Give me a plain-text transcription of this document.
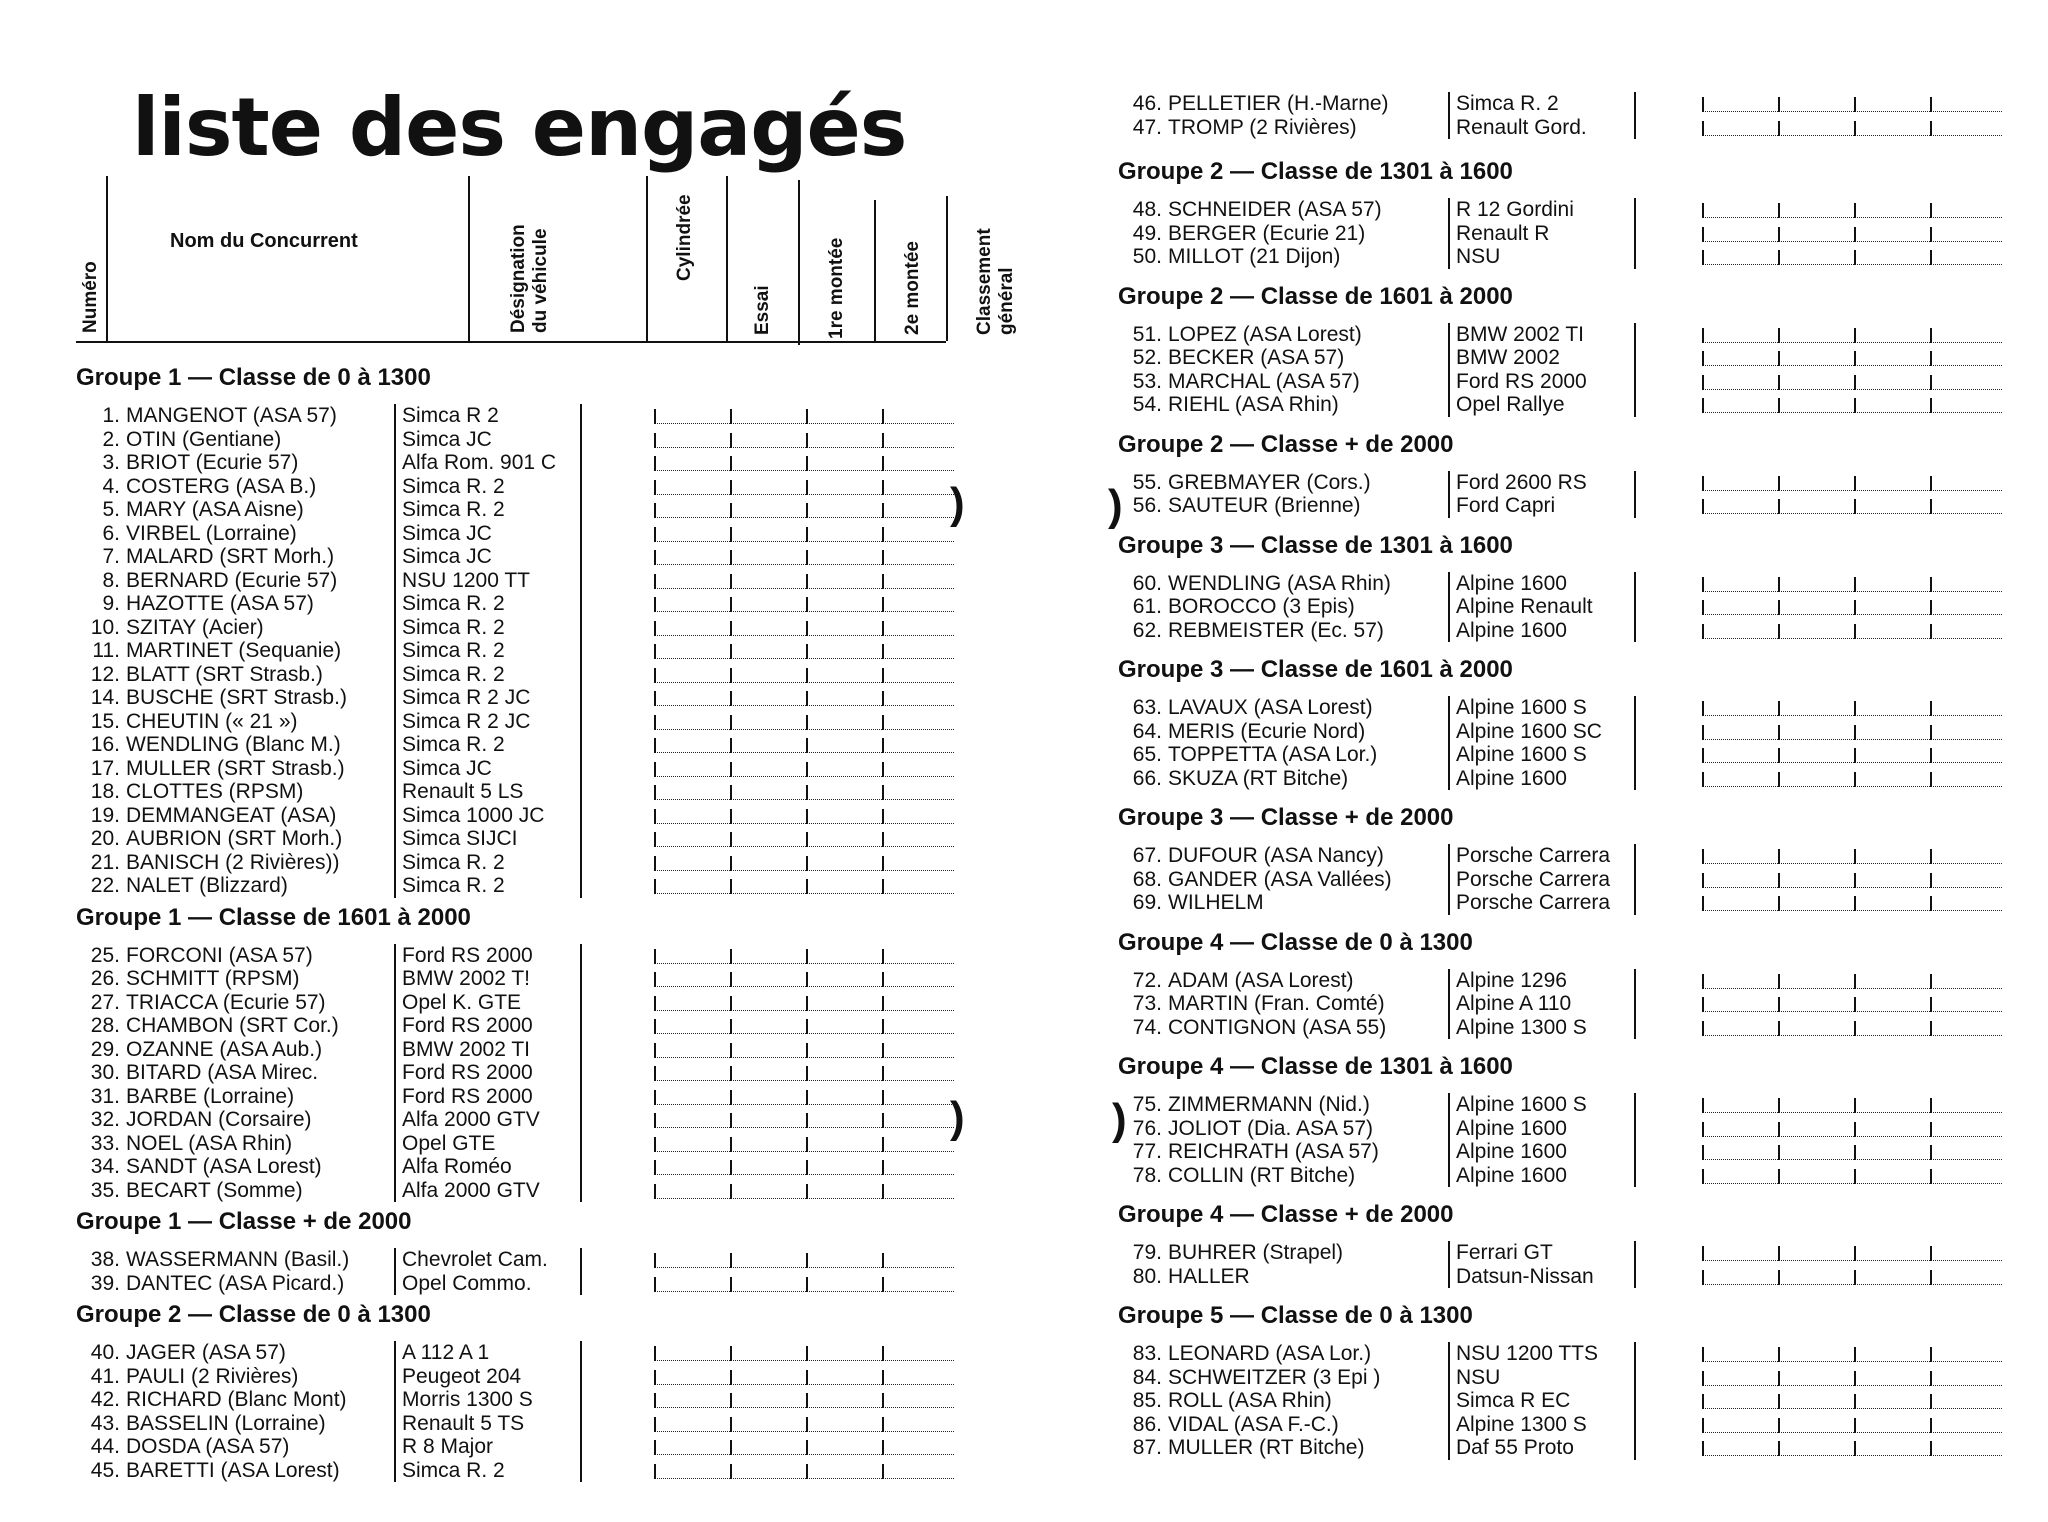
liste des engagés
Numéro
Nom du Concurrent	Désignation du véhicule	Cylindrée
Essai	1re montée	2e montée	Classement général
Groupe 1 — Classe de 0 à 1300
1. MANGENOT (ASA 57)	Simca R 2
2. OTIN (Gentiane)	Simca JC
3. BRIOT (Ecurie 57)	Alfa Rom. 901 C
4. COSTERG (ASA B.)	Simca R. 2
5. MARY (ASA Aisne)	Simca R. 2
6. VIRBEL (Lorraine)	Simca JC
7. MALARD (SRT Morh.)	Simca JC
8. BERNARD (Ecurie 57)	NSU 1200 TT
9. HAZOTTE (ASA 57)	Simca R. 2
10. SZITAY (Acier)	Simca R. 2
11. MARTINET (Sequanie)	Simca R. 2
12. BLATT (SRT Strasb.)	Simca R. 2
14. BUSCHE (SRT Strasb.)	Simca R 2 JC
15. CHEUTIN (« 21 »)	Simca R 2 JC
16. WENDLING (Blanc M.)	Simca R. 2
17. MULLER (SRT Strasb.)	Simca JC
18. CLOTTES (RPSM)	Renault 5 LS
19. DEMMANGEAT (ASA)	Simca 1000 JC
20. AUBRION (SRT Morh.)	Simca SIJCI
21. BANISCH (2 Rivières))	Simca R. 2
22. NALET (Blizzard)	Simca R. 2
Groupe 1 — Classe de 1601 à 2000
25. FORCONI (ASA 57)	Ford RS 2000
26. SCHMITT (RPSM)	BMW 2002 T!
27. TRIACCA (Ecurie 57)	Opel K. GTE
28. CHAMBON (SRT Cor.)	Ford RS 2000
29. OZANNE (ASA Aub.)	BMW 2002 TI
30. BITARD (ASA Mirec.	Ford RS 2000
31. BARBE (Lorraine)	Ford RS 2000
32. JORDAN (Corsaire)	Alfa 2000 GTV
33. NOEL (ASA Rhin)	Opel GTE
34. SANDT (ASA Lorest)	Alfa Roméo
35. BECART (Somme)	Alfa 2000 GTV
Groupe 1 — Classe + de 2000
38. WASSERMANN (Basil.)	Chevrolet Cam.
39. DANTEC (ASA Picard.)	Opel Commo.
Groupe 2 — Classe de 0 à 1300
40. JAGER (ASA 57)	A 112 A 1
41. PAULI (2 Rivières)	Peugeot 204
42. RICHARD (Blanc Mont)	Morris 1300 S
43. BASSELIN (Lorraine)	Renault 5 TS
44. DOSDA (ASA 57)	R 8 Major
45. BARETTI (ASA Lorest)	Simca R. 2
46. PELLETIER (H.-Marne)	Simca R. 2
47. TROMP (2 Rivières)	Renault Gord.
Groupe 2 — Classe de 1301 à 1600
48. SCHNEIDER (ASA 57)	R 12 Gordini
49. BERGER (Ecurie 21)	Renault R
50. MILLOT (21 Dijon)	NSU
Groupe 2 — Classe de 1601 à 2000
51. LOPEZ (ASA Lorest)	BMW 2002 TI
52. BECKER (ASA 57)	BMW 2002
53. MARCHAL (ASA 57)	Ford RS 2000
54. RIEHL (ASA Rhin)	Opel Rallye
Groupe 2 — Classe + de 2000
55. GREBMAYER (Cors.)	Ford 2600 RS
56. SAUTEUR (Brienne)	Ford Capri
Groupe 3 — Classe de 1301 à 1600
60. WENDLING (ASA Rhin)	Alpine 1600
61. BOROCCO (3 Epis)	Alpine Renault
62. REBMEISTER (Ec. 57)	Alpine 1600
Groupe 3 — Classe de 1601 à 2000
63. LAVAUX (ASA Lorest)	Alpine 1600 S
64. MERIS (Ecurie Nord)	Alpine 1600 SC
65. TOPPETTA (ASA Lor.)	Alpine 1600 S
66. SKUZA (RT Bitche)	Alpine 1600
Groupe 3 — Classe + de 2000
67. DUFOUR (ASA Nancy)	Porsche Carrera
68. GANDER (ASA Vallées)	Porsche Carrera
69. WILHELM	Porsche Carrera
Groupe 4 — Classe de 0 à 1300
72. ADAM (ASA Lorest)	Alpine 1296
73. MARTIN (Fran. Comté)	Alpine A 110
74. CONTIGNON (ASA 55)	Alpine 1300 S
Groupe 4 — Classe de 1301 à 1600
75. ZIMMERMANN (Nid.)	Alpine 1600 S
76. JOLIOT (Dia. ASA 57)	Alpine 1600
77. REICHRATH (ASA 57)	Alpine 1600
78. COLLIN (RT Bitche)	Alpine 1600
Groupe 4 — Classe + de 2000
79. BUHRER (Strapel)	Ferrari GT
80. HALLER	Datsun-Nissan
Groupe 5 — Classe de 0 à 1300
83. LEONARD (ASA Lor.)	NSU 1200 TTS
84. SCHWEITZER (3 Epi )	NSU
85. ROLL (ASA Rhin)	Simca R EC
86. VIDAL (ASA F.-C.)	Alpine 1300 S
87. MULLER (RT Bitche)	Daf 55 Proto
)
)
)
)
